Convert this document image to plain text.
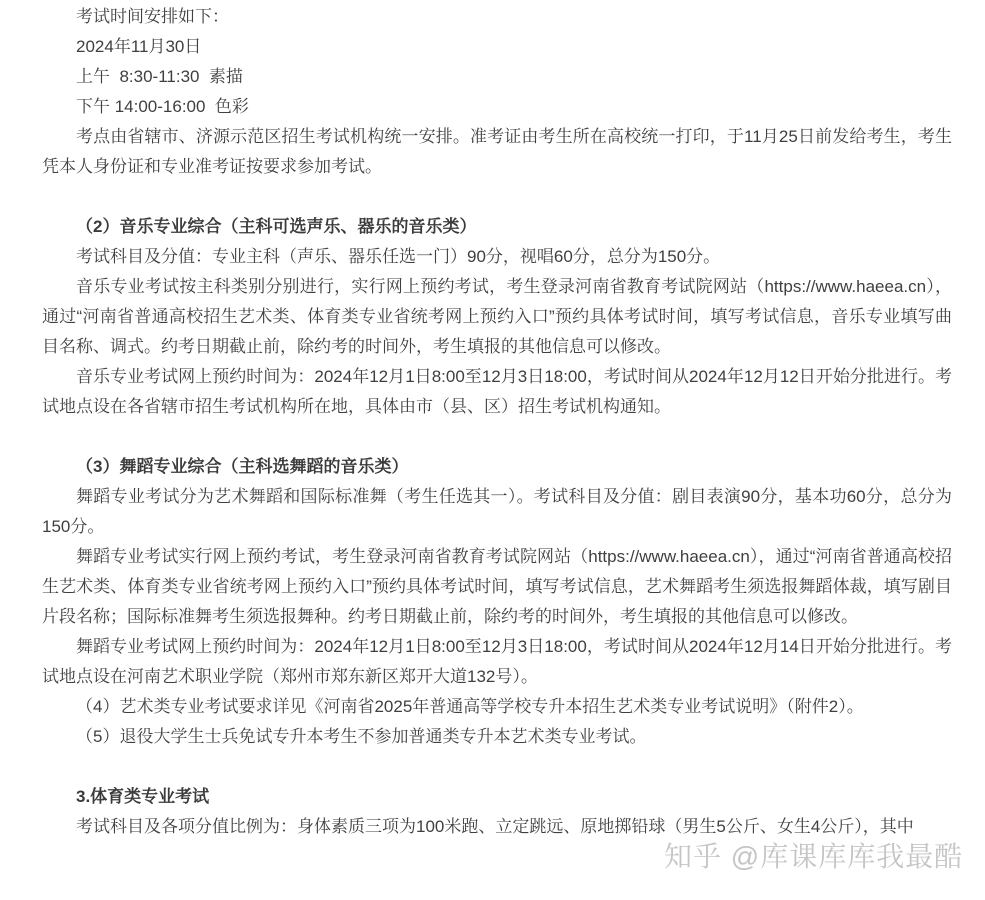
考试时间安排如下：

2024年11月30日

上午  8:30-11:30  素描

下午 14:00-16:00  色彩

考点由省辖市、济源示范区招生考试机构统一安排。准考证由考生所在高校统一打印，于11月25日前发给考生，考生凭本人身份证和专业准考证按要求参加考试。

（2）音乐专业综合（主科可选声乐、器乐的音乐类）

考试科目及分值：专业主科（声乐、器乐任选一门）90分，视唱60分，总分为150分。

音乐专业考试按主科类别分别进行，实行网上预约考试，考生登录河南省教育考试院网站（https://www.haeea.cn），通过“河南省普通高校招生艺术类、体育类专业省统考网上预约入口”预约具体考试时间，填写考试信息，音乐专业填写曲目名称、调式。约考日期截止前，除约考的时间外，考生填报的其他信息可以修改。

音乐专业考试网上预约时间为：2024年12月1日8:00至12月3日18:00，考试时间从2024年12月12日开始分批进行。考试地点设在各省辖市招生考试机构所在地，具体由市（县、区）招生考试机构通知。

（3）舞蹈专业综合（主科选舞蹈的音乐类）

舞蹈专业考试分为艺术舞蹈和国际标准舞（考生任选其一）。考试科目及分值：剧目表演90分，基本功60分，总分为150分。

舞蹈专业考试实行网上预约考试，考生登录河南省教育考试院网站（https://www.haeea.cn），通过“河南省普通高校招生艺术类、体育类专业省统考网上预约入口”预约具体考试时间，填写考试信息，艺术舞蹈考生须选报舞蹈体裁，填写剧目片段名称；国际标准舞考生须选报舞种。约考日期截止前，除约考的时间外，考生填报的其他信息可以修改。

舞蹈专业考试网上预约时间为：2024年12月1日8:00至12月3日18:00，考试时间从2024年12月14日开始分批进行。考试地点设在河南艺术职业学院（郑州市郑东新区郑开大道132号）。

（4）艺术类专业考试要求详见《河南省2025年普通高等学校专升本招生艺术类专业考试说明》（附件2）。

（5）退役大学生士兵免试专升本考生不参加普通类专升本艺术类专业考试。

3.体育类专业考试

考试科目及各项分值比例为：身体素质三项为100米跑、立定跳远、原地掷铅球（男生5公斤、女生4公斤），其中

知乎 @库课库库我最酷
